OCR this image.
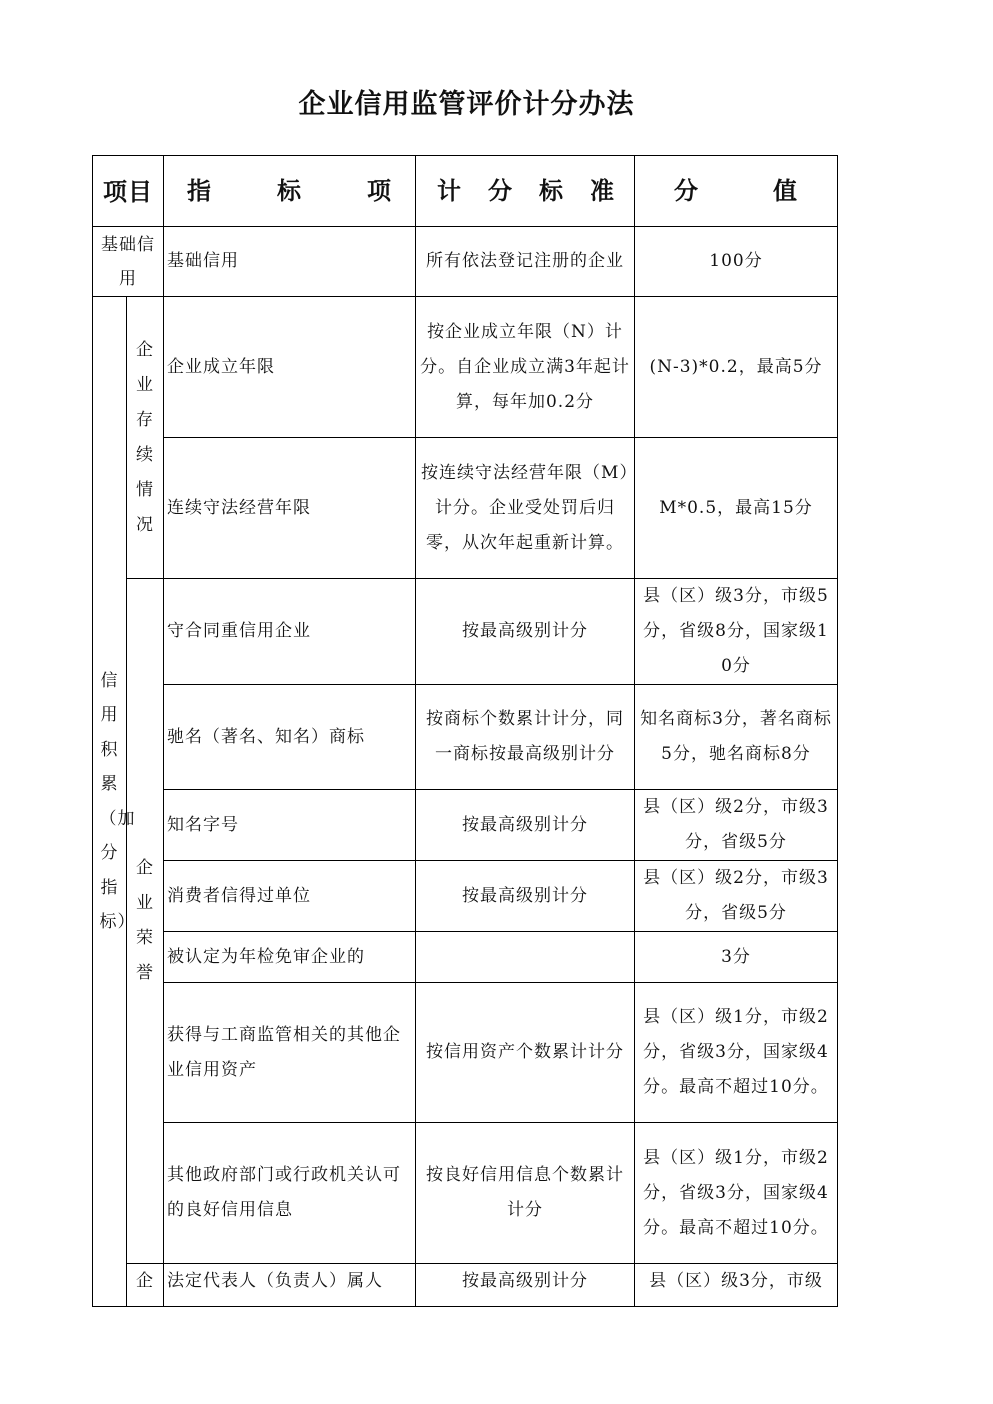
企业信用监管评价计分办法
项目		指 标 项	计 分 标 准	分 值

基础信用		基础信用	所有依法登记注册的企业	100分

信用积累（加分指标）	企业存续情况	企业成立年限	按企业成立年限（N）计分。自企业成立满3年起计算，每年加0.2分	(N-3)*0.2，最高5分
		连续守法经营年限	按连续守法经营年限（M）计分。企业受处罚后归零，从次年起重新计算。	M*0.5，最高15分

	企业荣誉	守合同重信用企业	按最高级别计分	县（区）级3分，市级5分，省级8分，国家级10分
		驰名（著名、知名）商标	按商标个数累计计分，同一商标按最高级别计分	知名商标3分，著名商标5分，驰名商标8分
		知名字号	按最高级别计分	县（区）级2分，市级3分，省级5分
		消费者信得过单位	按最高级别计分	县（区）级2分，市级3分，省级5分
		被认定为年检免审企业的		3分
		获得与工商监管相关的其他企业信用资产	按信用资产个数累计计分	县（区）级1分，市级2分，省级3分，国家级4分。最高不超过10分。
		其他政府部门或行政机关认可的良好信用信息	按良好信用信息个数累计计分	县（区）级1分，市级2分，省级3分，国家级4分。最高不超过10分。
	企	法定代表人（负责人）属人	按最高级别计分	县（区）级3分，市级
